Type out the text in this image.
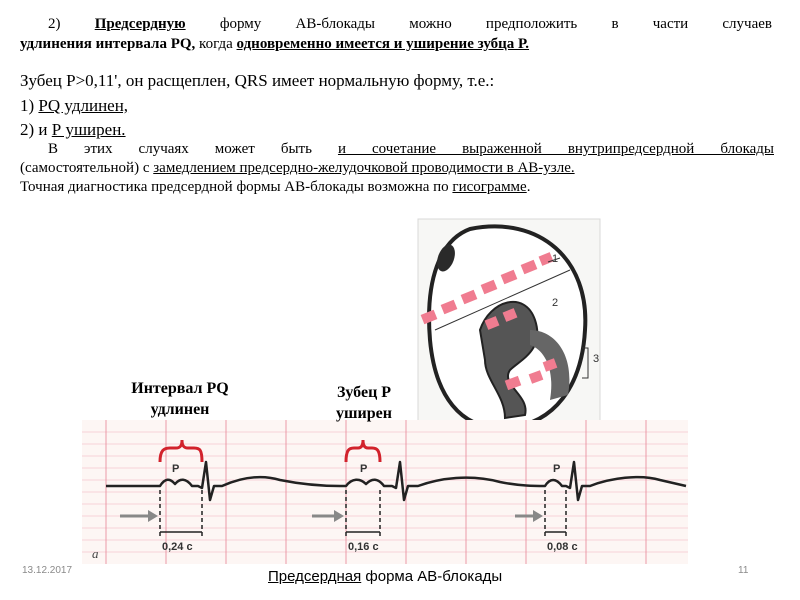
2) Предсердную форму АВ-блокады можно предположить в части случаев
удлинения интервала PQ, когда одновременно имеется и уширение зубца Р.
Зубец Р>0,11', он расщеплен, QRS имеет нормальную форму, т.е.:
1) PQ удлинен,
2) и Р уширен.
В этих случаях может быть и сочетание выраженной внутрипредсердной блокады
(самостоятельной) с замедлением предсердно-желудочковой проводимости в АВ-узле.
Точная диагностика предсердной формы АВ-блокады возможна по гисограмме.
1
2
3
P	P	P
0,24 с	0,16 с	0,08 с
a
Интервал PQ
удлинен
Зубец Р
уширен
13.12.2017	11
Предсердная форма АВ-блокады
